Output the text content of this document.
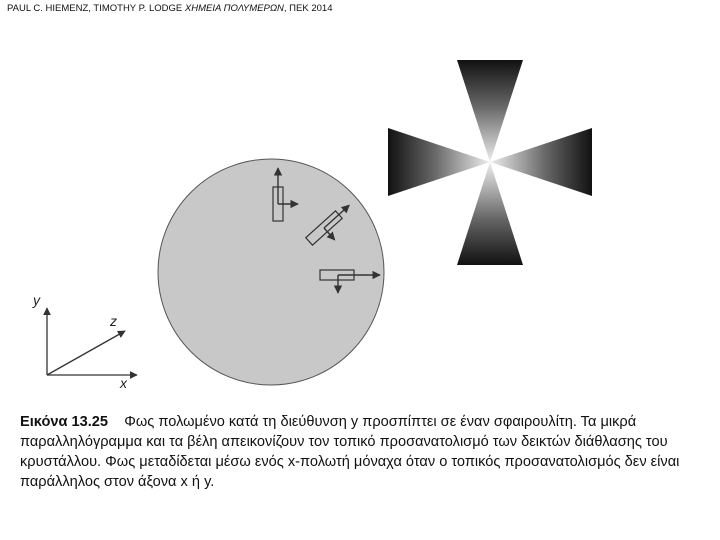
PAUL C. HIEMENZ, TIMOTHY P. LODGE ΧΗΜΕΙΑ ΠΟΛΥΜΕΡΩΝ, ΠΕΚ 2014
y
z
x
Εικόνα 13.25 Φως πολωμένο κατά τη διεύθυνση y προσπίπτει σε έναν σφαιρουλίτη. Τα μικρά παραλληλόγραμμα και τα βέλη απεικονίζουν τον τοπικό προσανατολισμό των δεικτών διάθλασης του κρυστάλλου. Φως μεταδίδεται μέσω ενός x-πολωτή μόναχα όταν ο τοπικός προσανατολισμός δεν είναι παράλληλος στον άξονα x ή y.
